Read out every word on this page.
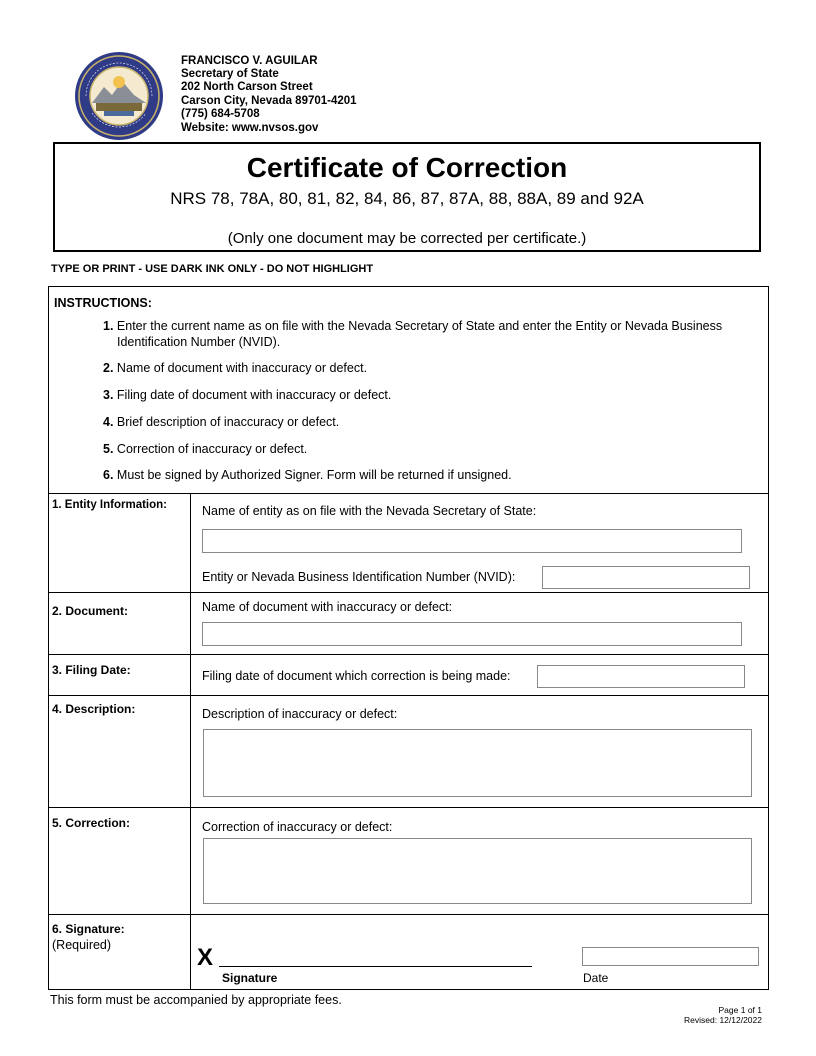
FRANCISCO V. AGUILAR
Secretary of State
202 North Carson Street
Carson City, Nevada 89701-4201
(775) 684-5708
Website: www.nvsos.gov
Certificate of Correction
NRS 78, 78A, 80, 81, 82, 84, 86, 87, 87A, 88, 88A, 89 and 92A
(Only one document may be corrected per certificate.)
TYPE OR PRINT - USE DARK INK ONLY - DO NOT HIGHLIGHT
INSTRUCTIONS:
1. Enter the current name as on file with the Nevada Secretary of State and enter the Entity or Nevada Business Identification Number (NVID).
2. Name of document with inaccuracy or defect.
3. Filing date of document with inaccuracy or defect.
4. Brief description of inaccuracy or defect.
5. Correction of inaccuracy or defect.
6. Must be signed by Authorized Signer. Form will be returned if unsigned.
1. Entity Information:	Name of entity as on file with the Nevada Secretary of State:
Entity or Nevada Business Identification Number (NVID):
2. Document:	Name of document with inaccuracy or defect:
3. Filing Date:	Filing date of document which correction is being made:
4. Description:	Description of inaccuracy or defect:
5. Correction:	Correction of inaccuracy or defect:
6. Signature:
(Required)	X
Signature	Date
This form must be accompanied by appropriate fees.
Page 1 of 1
Revised: 12/12/2022
